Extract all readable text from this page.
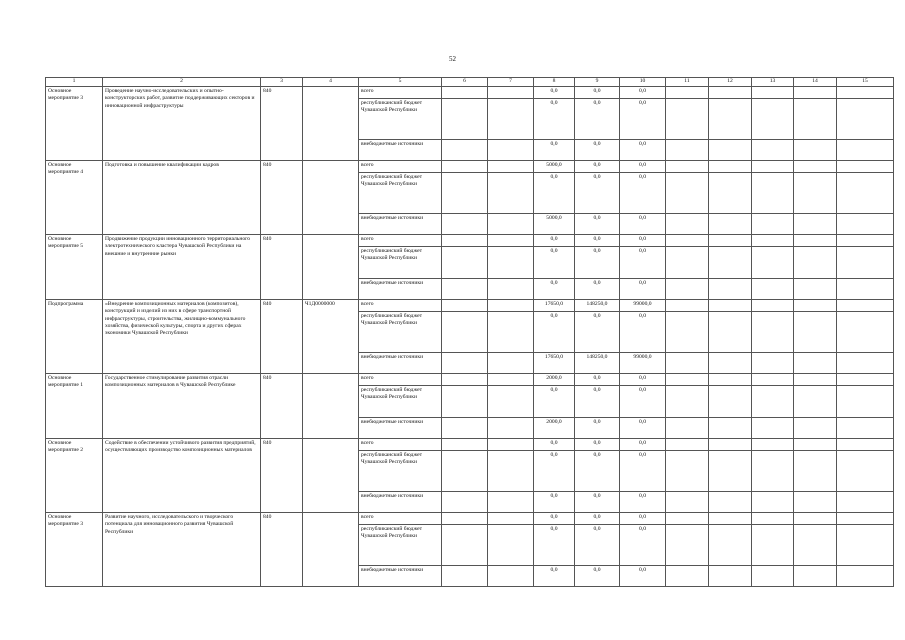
52
1	2	3	4	5	6	7	8	9	10	11	12	13	14	15
Основное мероприятие 3	Проведение научно-исследовательских и опытно-конструкторских работ, развитие поддерживающих секторов и инновационной инфраструктуры	840		всего			0,0	0,0	0,0					
				республиканский бюджет Чувашской Республики			0,0	0,0	0,0					
				внебюджетные источники			0,0	0,0	0,0					
Основное мероприятие 4	Подготовка и повышение квалификации кадров	840		всего			5000,0	0,0	0,0					
				республиканский бюджет Чувашской Республики			0,0	0,0	0,0					
				внебюджетные источники			5000,0	0,0	0,0					
Основное мероприятие 5	Продвижение продукции инновационного территориального электротехнического кластера Чувашской Республики на внешние и внутренние рынки	840		всего			0,0	0,0	0,0					
				республиканский бюджет Чувашской Республики			0,0	0,0	0,0					
				внебюджетные источники			0,0	0,0	0,0					
Подпрограмма	«Внедрение композиционных материалов (композитов), конструкций и изделий из них в сфере транспортной инфраструктуры, строительства, жилищно-коммунального хозяйства, физической культуры, спорта и других сферах экономики Чувашской Республики	840	Ч1Д0000000	всего			17650,0	148250,0	99000,0					
				республиканский бюджет Чувашской Республики			0,0	0,0	0,0					
				внебюджетные источники			17650,0	148250,0	99000,0					
Основное мероприятие 1	Государственное стимулирование развития отрасли композиционных материалов в Чувашской Республике	840		всего			2000,0	0,0	0,0					
				республиканский бюджет Чувашской Республики			0,0	0,0	0,0					
				внебюджетные источники			2000,0	0,0	0,0					
Основное мероприятие 2	Содействие в обеспечении устойчивого развития предприятий, осуществляющих производство композиционных материалов	840		всего			0,0	0,0	0,0					
				республиканский бюджет Чувашской Республики			0,0	0,0	0,0					
				внебюджетные источники			0,0	0,0	0,0					
Основное мероприятие 3	Развитие научного, исследовательского и творческого потенциала для инновационного развития Чувашской Республики	840		всего			0,0	0,0	0,0					
				республиканский бюджет Чувашской Республики			0,0	0,0	0,0					
				внебюджетные источники			0,0	0,0	0,0					
